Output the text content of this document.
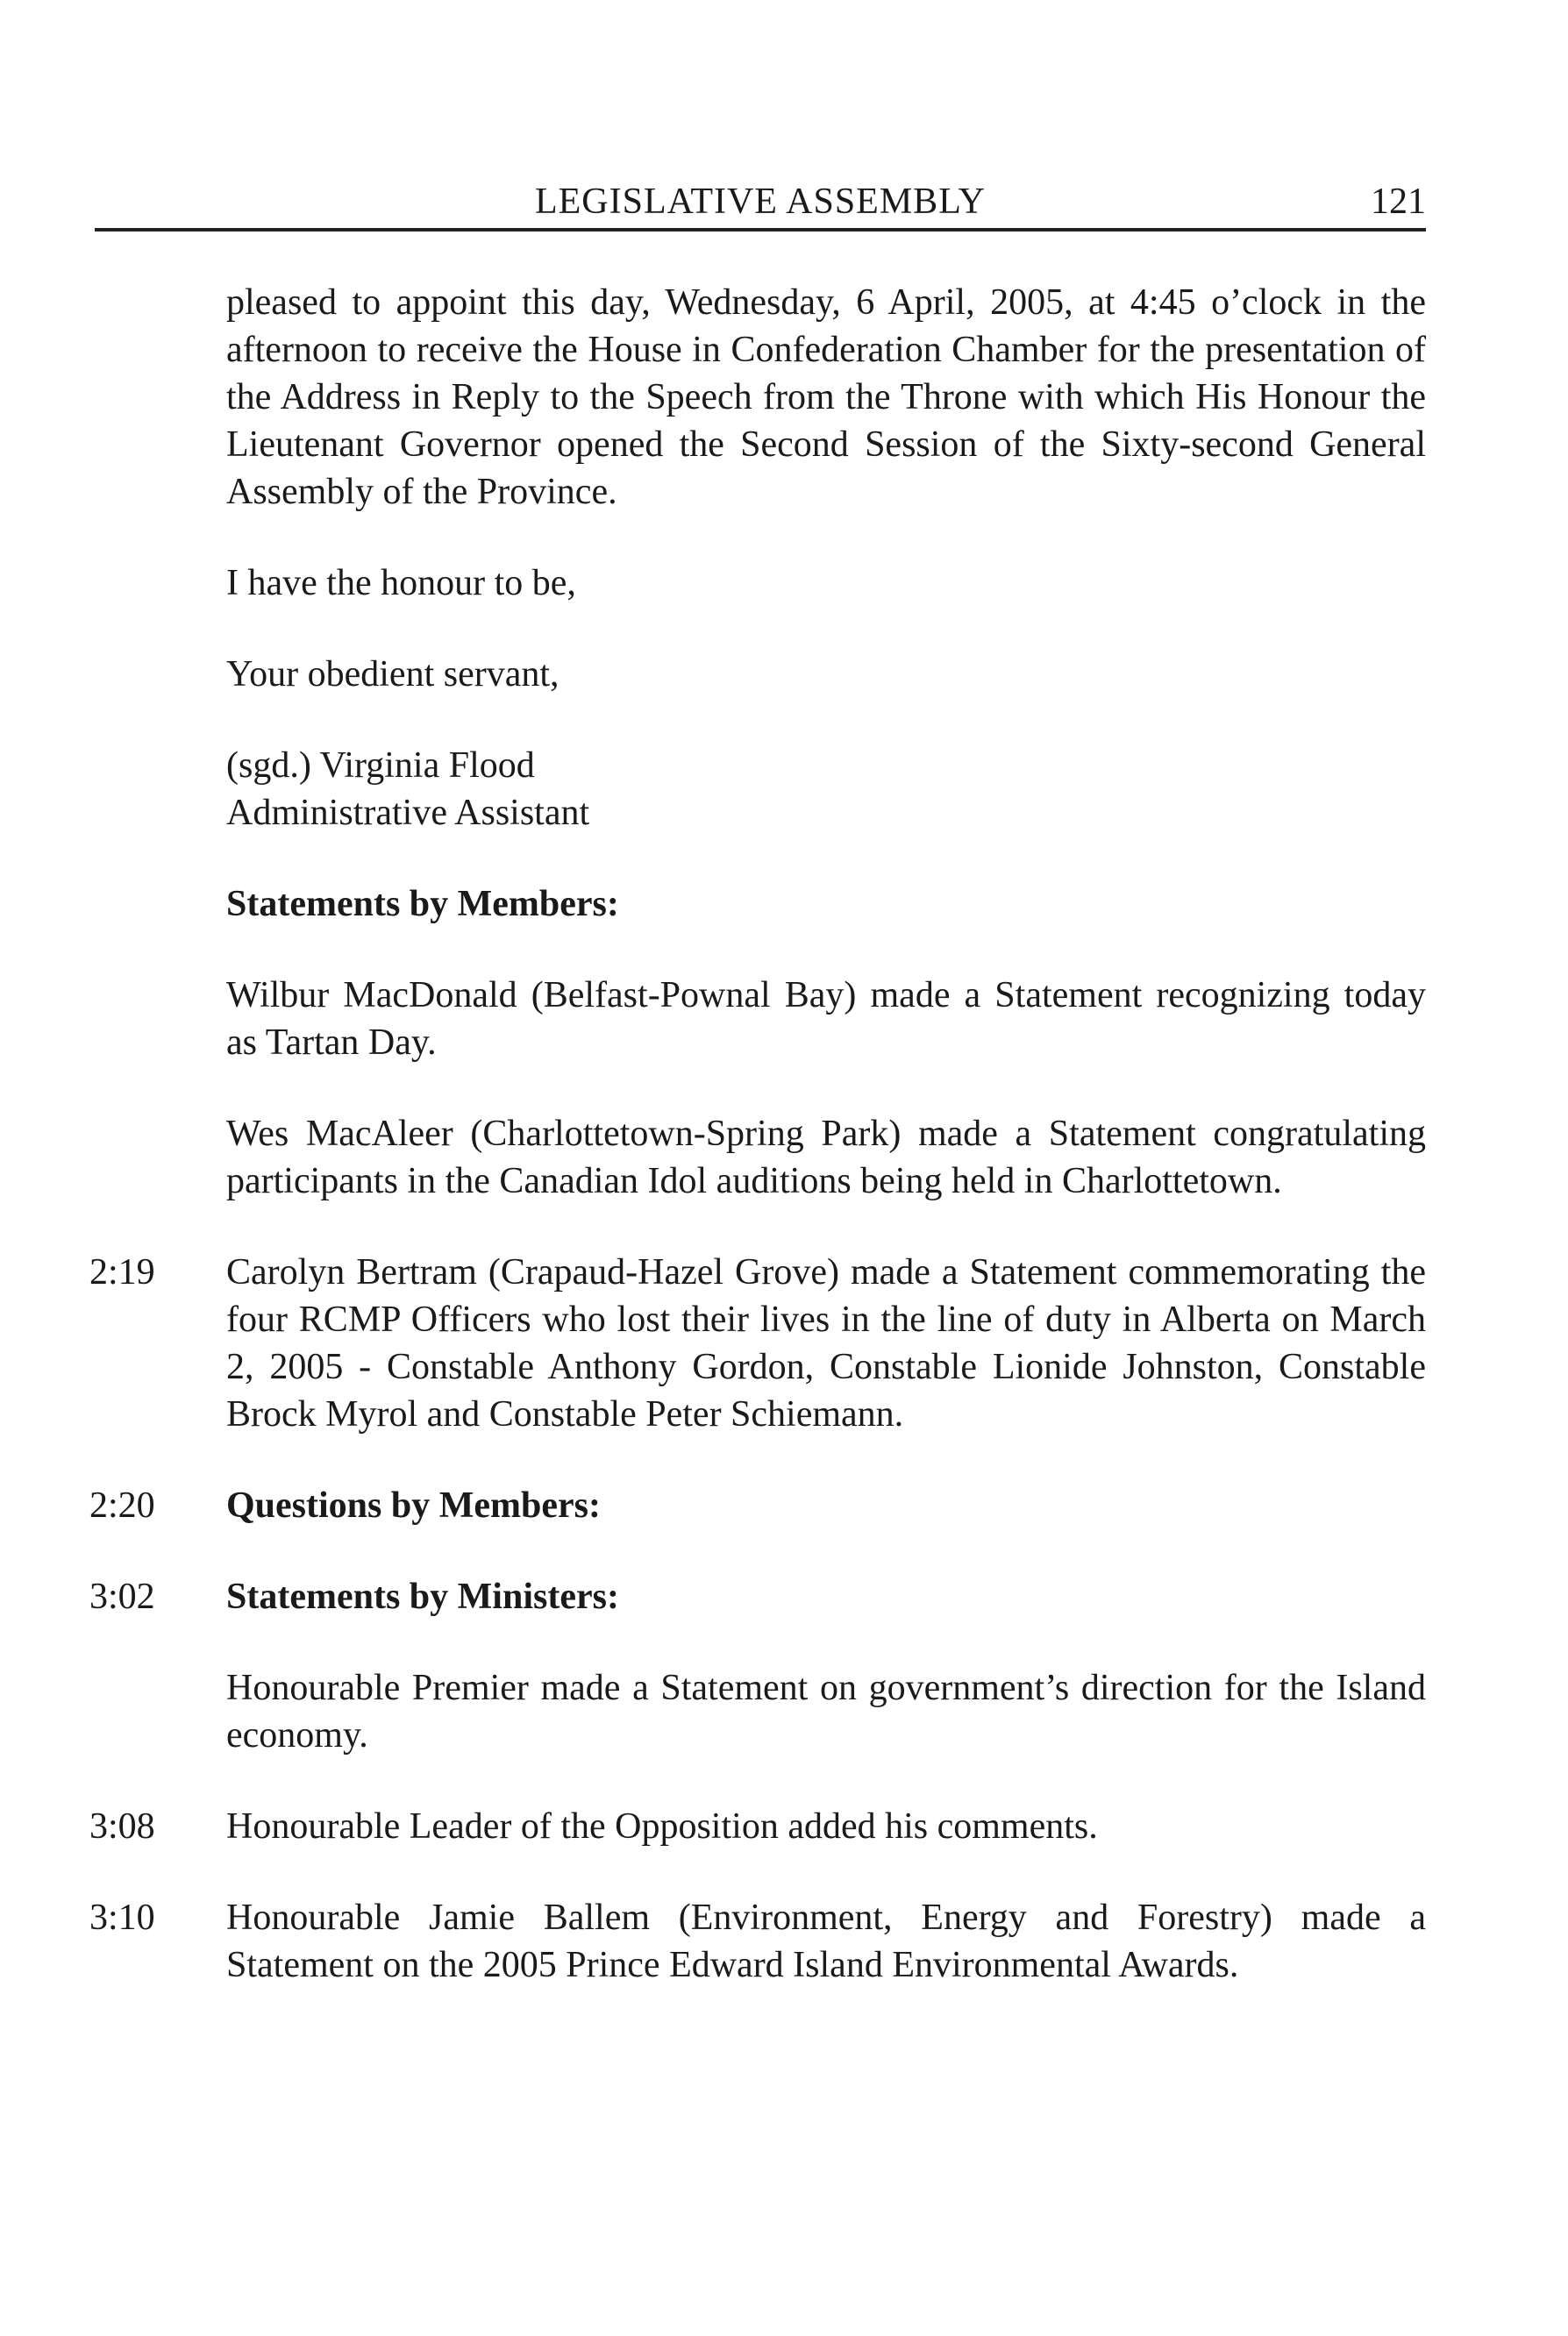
LEGISLATIVE ASSEMBLY	121

pleased to appoint this day, Wednesday, 6 April, 2005, at 4:45 o’clock in the afternoon to receive the House in Confederation Chamber for the presentation of the Address in Reply to the Speech from the Throne with which His Honour the Lieutenant Governor opened the Second Session of the Sixty-second General Assembly of the Province.

I have the honour to be,

Your obedient servant,

(sgd.) Virginia Flood
Administrative Assistant
Statements by Members:

Wilbur MacDonald (Belfast-Pownal Bay) made a Statement recognizing today as Tartan Day.

Wes MacAleer (Charlottetown-Spring Park) made a Statement congratulating participants in the Canadian Idol auditions being held in Charlottetown.

2:19	Carolyn Bertram (Crapaud-Hazel Grove) made a Statement commemorating the four RCMP Officers who lost their lives in the line of duty in Alberta on March 2, 2005 - Constable Anthony Gordon, Constable Lionide Johnston, Constable Brock Myrol and Constable Peter Schiemann.

2:20	Questions by Members:
3:02	Statements by Ministers:

Honourable Premier made a Statement on government’s direction for the Island economy.

3:08	Honourable Leader of the Opposition added his comments.

3:10	Honourable Jamie Ballem (Environment, Energy and Forestry) made a Statement on the 2005 Prince Edward Island Environmental Awards.
